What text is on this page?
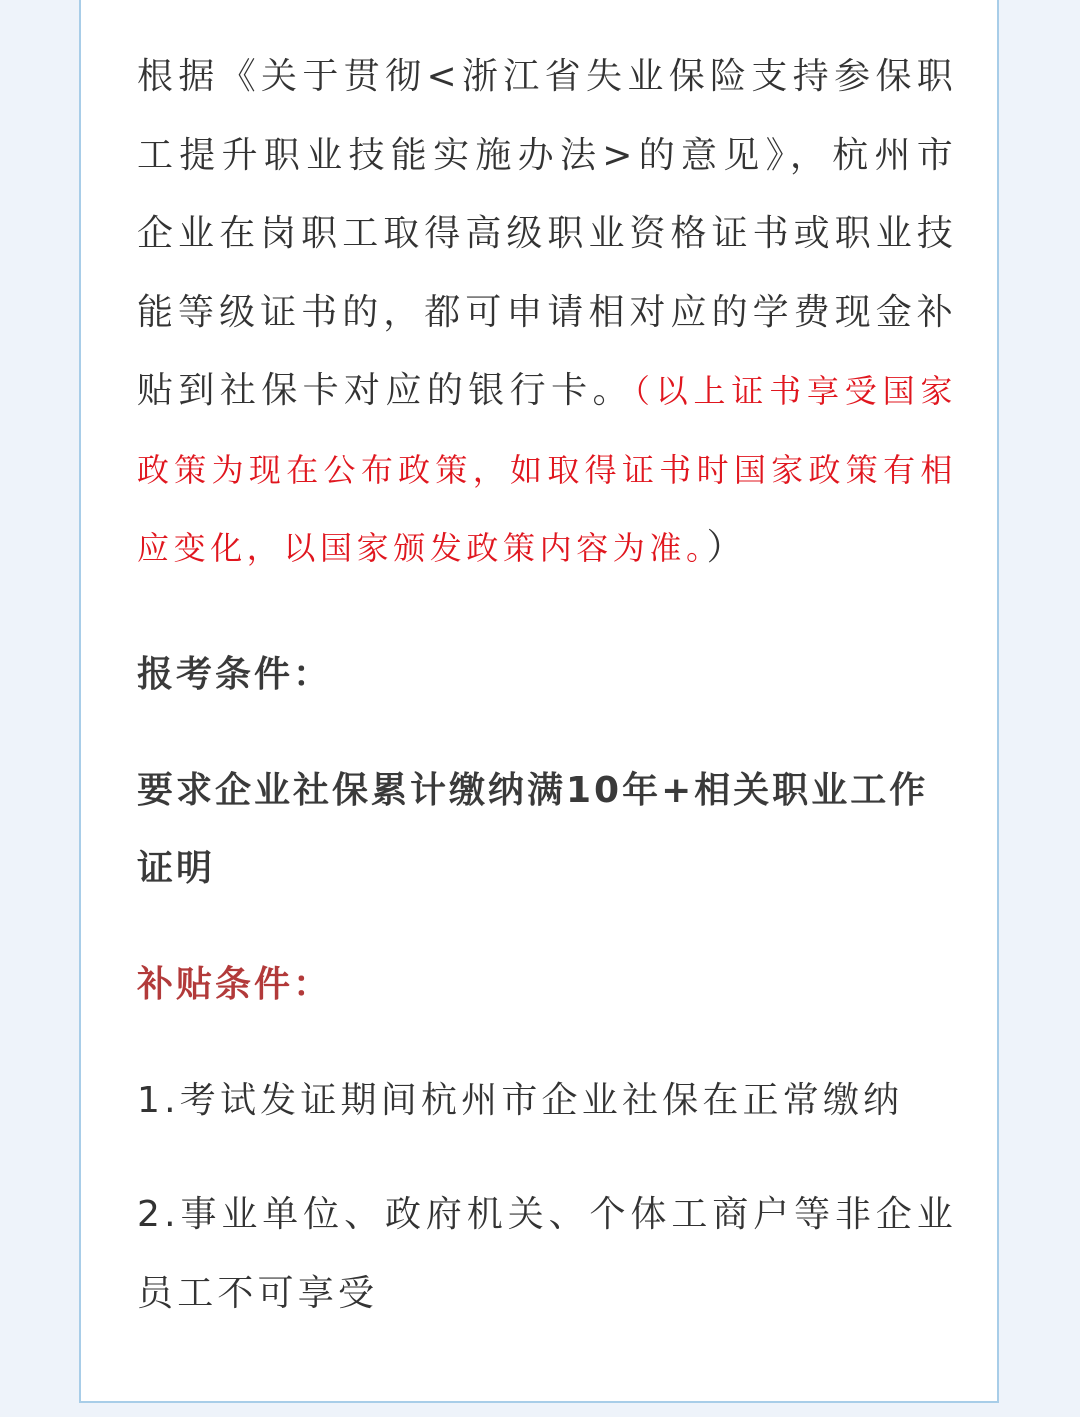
根据《关于贯彻<浙江省失业保险支持参保职工提升职业技能实施办法>的意见》，杭州市企业在岗职工取得高级职业资格证书或职业技能等级证书的，都可申请相对应的学费现金补贴到社保卡对应的银行卡。（以上证书享受国家政策为现在公布政策，如取得证书时国家政策有相应变化，以国家颁发政策内容为准。）

报考条件：

要求企业社保累计缴纳满10年+相关职业工作证明

补贴条件：

1.考试发证期间杭州市企业社保在正常缴纳

2.事业单位、政府机关、个体工商户等非企业员工不可享受
